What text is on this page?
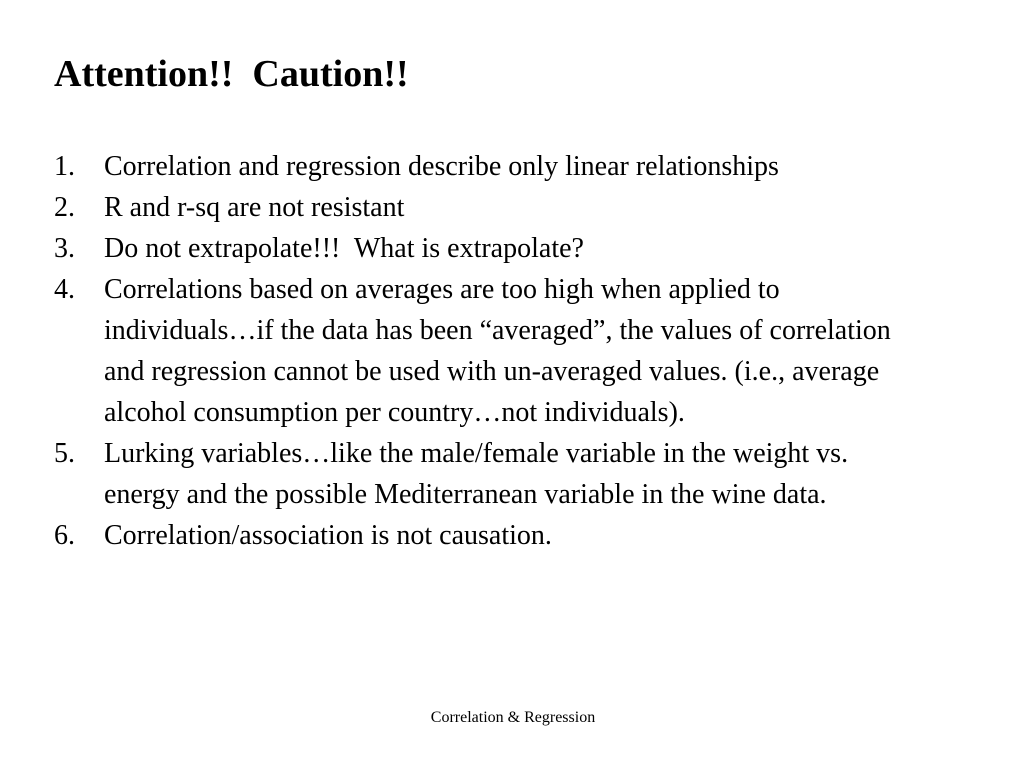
Attention!!  Caution!!
1. Correlation and regression describe only linear relationships
2. R and r-sq are not resistant
3. Do not extrapolate!!!  What is extrapolate?
4. Correlations based on averages are too high when applied to individuals…if the data has been “averaged”, the values of correlation and regression cannot be used with un-averaged values. (i.e., average alcohol consumption per country…not individuals).
5. Lurking variables…like the male/female variable in the weight vs. energy and the possible Mediterranean variable in the wine data.
6. Correlation/association is not causation.
Correlation & Regression
